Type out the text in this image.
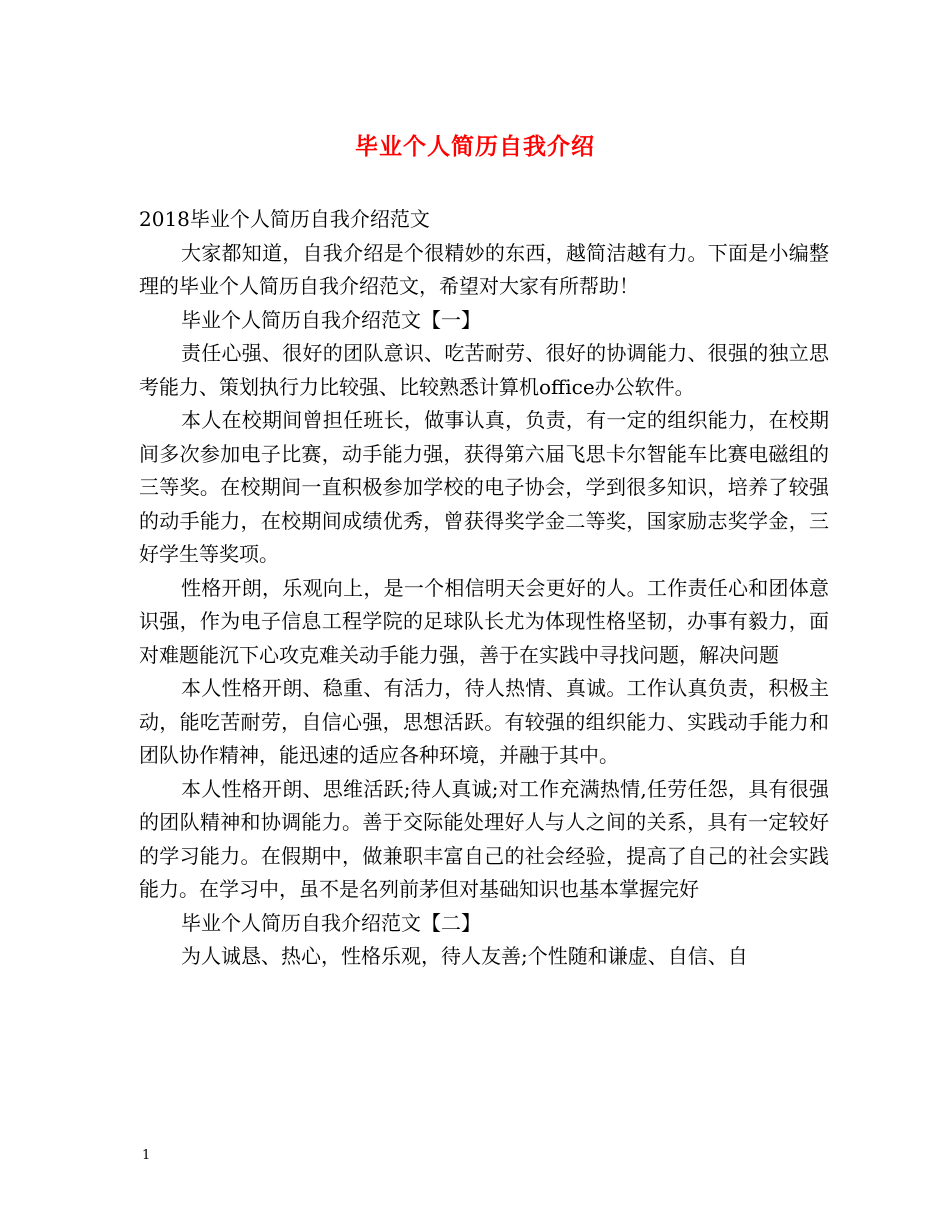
毕业个人简历自我介绍

2018毕业个人简历自我介绍范文

大家都知道，自我介绍是个很精妙的东西，越简洁越有力。下面是小编整理的毕业个人简历自我介绍范文，希望对大家有所帮助！

毕业个人简历自我介绍范文【一】

责任心强、很好的团队意识、吃苦耐劳、很好的协调能力、很强的独立思考能力、策划执行力比较强、比较熟悉计算机office办公软件。

本人在校期间曾担任班长，做事认真，负责，有一定的组织能力，在校期间多次参加电子比赛，动手能力强，获得第六届飞思卡尔智能车比赛电磁组的三等奖。在校期间一直积极参加学校的电子协会，学到很多知识，培养了较强的动手能力，在校期间成绩优秀，曾获得奖学金二等奖，国家励志奖学金，三好学生等奖项。

性格开朗，乐观向上，是一个相信明天会更好的人。工作责任心和团体意识强，作为电子信息工程学院的足球队长尤为体现性格坚韧，办事有毅力，面对难题能沉下心攻克难关动手能力强，善于在实践中寻找问题，解决问题

本人性格开朗、稳重、有活力，待人热情、真诚。工作认真负责，积极主动，能吃苦耐劳，自信心强，思想活跃。有较强的组织能力、实践动手能力和团队协作精神，能迅速的适应各种环境，并融于其中。

本人性格开朗、思维活跃;待人真诚;对工作充满热情,任劳任怨，具有很强的团队精神和协调能力。善于交际能处理好人与人之间的关系，具有一定较好的学习能力。在假期中，做兼职丰富自己的社会经验，提高了自己的社会实践能力。在学习中，虽不是名列前茅但对基础知识也基本掌握完好

毕业个人简历自我介绍范文【二】

为人诚恳、热心，性格乐观，待人友善;个性随和谦虚、自信、自

1
